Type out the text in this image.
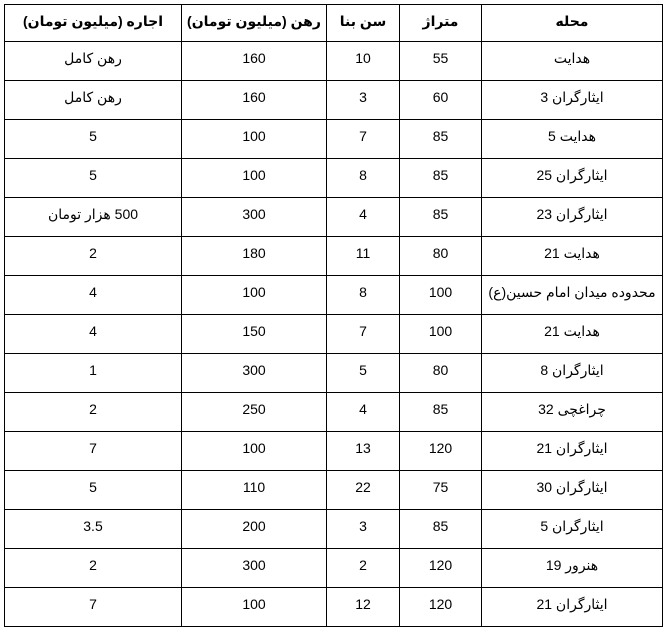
محله	متراژ	سن بنا	رهن (میلیون تومان)	اجاره (میلیون تومان)
هدایت	55	10	160	رهن کامل
ایثارگران 3	60	3	160	رهن کامل
هدایت 5	85	7	100	5
ایثارگران 25	85	8	100	5
ایثارگران 23	85	4	300	500 هزار تومان
هدایت 21	80	11	180	2
محدوده میدان امام حسین(ع)	100	8	100	4
هدایت 21	100	7	150	4
ایثارگران 8	80	5	300	1
چراغچی 32	85	4	250	2
ایثارگران 21	120	13	100	7
ایثارگران 30	75	22	110	5
ایثارگران 5	85	3	200	3.5
هنرور 19	120	2	300	2
ایثارگران 21	120	12	100	7
